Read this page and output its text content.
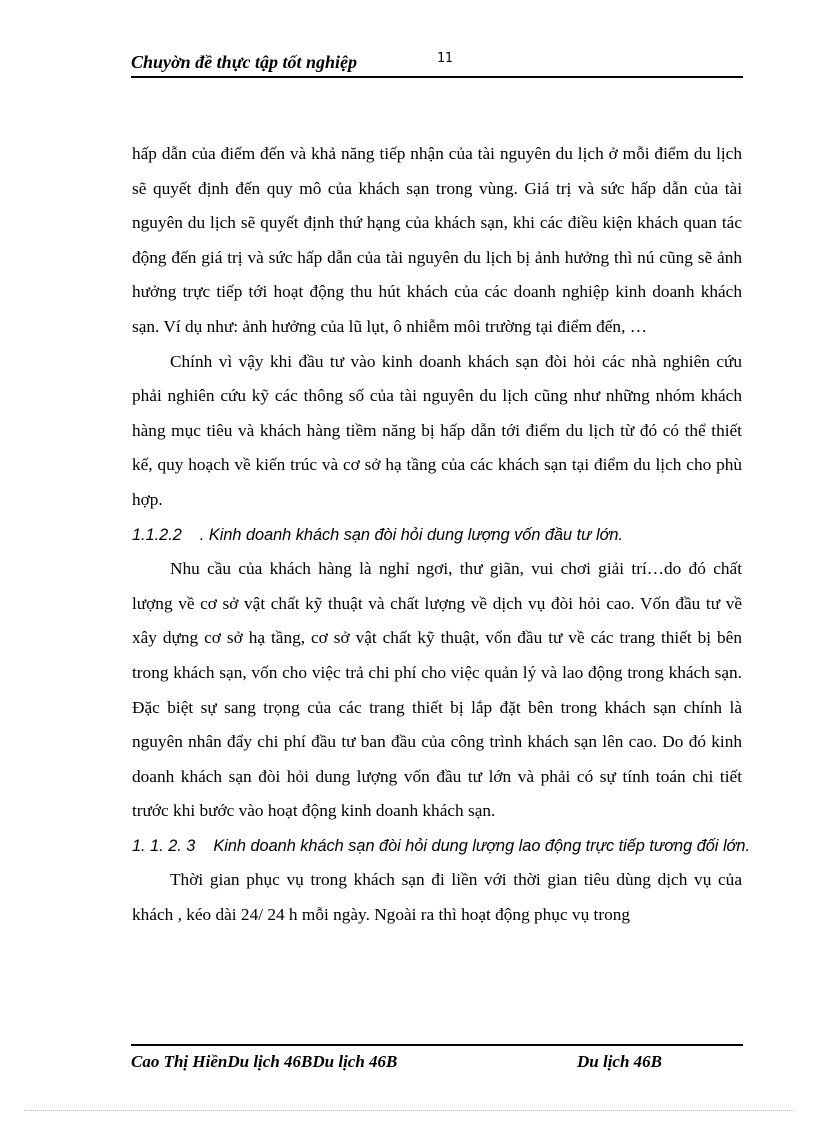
Chuyờn đề thực tập tốt nghiệp	11

hấp dẫn của điểm đến và khả năng tiếp nhận của tài nguyên du lịch ở mỗi điểm du lịch sẽ quyết định đến quy mô của khách sạn trong vùng. Giá trị và sức hấp dẫn của tài nguyên du lịch sẽ quyết định thứ hạng của khách sạn, khi các điều kiện khách quan tác động đến giá trị và sức hấp dẫn của tài nguyên du lịch bị ảnh hưởng thì nú cũng sẽ ảnh hưởng trực tiếp tới hoạt động thu hút khách của các doanh nghiệp kinh doanh khách sạn. Ví dụ như: ảnh hưởng của lũ lụt, ô nhiễm môi trường tại điểm đến, …

Chính vì vậy khi đầu tư vào kinh doanh khách sạn đòi hỏi các nhà nghiên cứu phải nghiên cứu kỹ các thông số của tài nguyên du lịch cũng như những nhóm khách hàng mục tiêu và khách hàng tiềm năng bị hấp dẫn tới điểm du lịch từ đó có thể thiết kế, quy hoạch về kiến trúc và cơ sở hạ tầng của các khách sạn tại điểm du lịch cho phù hợp.

1.1.2.2 . Kinh doanh khách sạn đòi hỏi dung lượng vốn đầu tư lớn.

Nhu cầu của khách hàng là nghỉ ngơi, thư giãn, vui chơi giải trí…do đó chất lượng về cơ sở vật chất kỹ thuật và chất lượng về dịch vụ đòi hỏi cao. Vốn đầu tư về xây dựng cơ sở hạ tầng, cơ sở vật chất kỹ thuật, vốn đầu tư về các trang thiết bị bên trong khách sạn, vốn cho việc trả chi phí cho việc quản lý và lao động trong khách sạn. Đặc biệt sự sang trọng của các trang thiết bị lắp đặt bên trong khách sạn chính là nguyên nhân đẩy chi phí đầu tư ban đầu của công trình khách sạn lên cao. Do đó kinh doanh khách sạn đòi hỏi dung lượng vốn đầu tư lớn và phải có sự tính toán chi tiết trước khi bước vào hoạt động kinh doanh khách sạn.

1. 1. 2. 3 Kinh doanh khách sạn đòi hỏi dung lượng lao động trực tiếp tương đối lớn.

Thời gian phục vụ trong khách sạn đi liền với thời gian tiêu dùng dịch vụ của khách , kéo dài 24/ 24 h mỗi ngày. Ngoài ra thì hoạt động phục vụ trong

Cao Thị HiềnDu lịch 46BDu lịch 46B	Du lịch 46B
